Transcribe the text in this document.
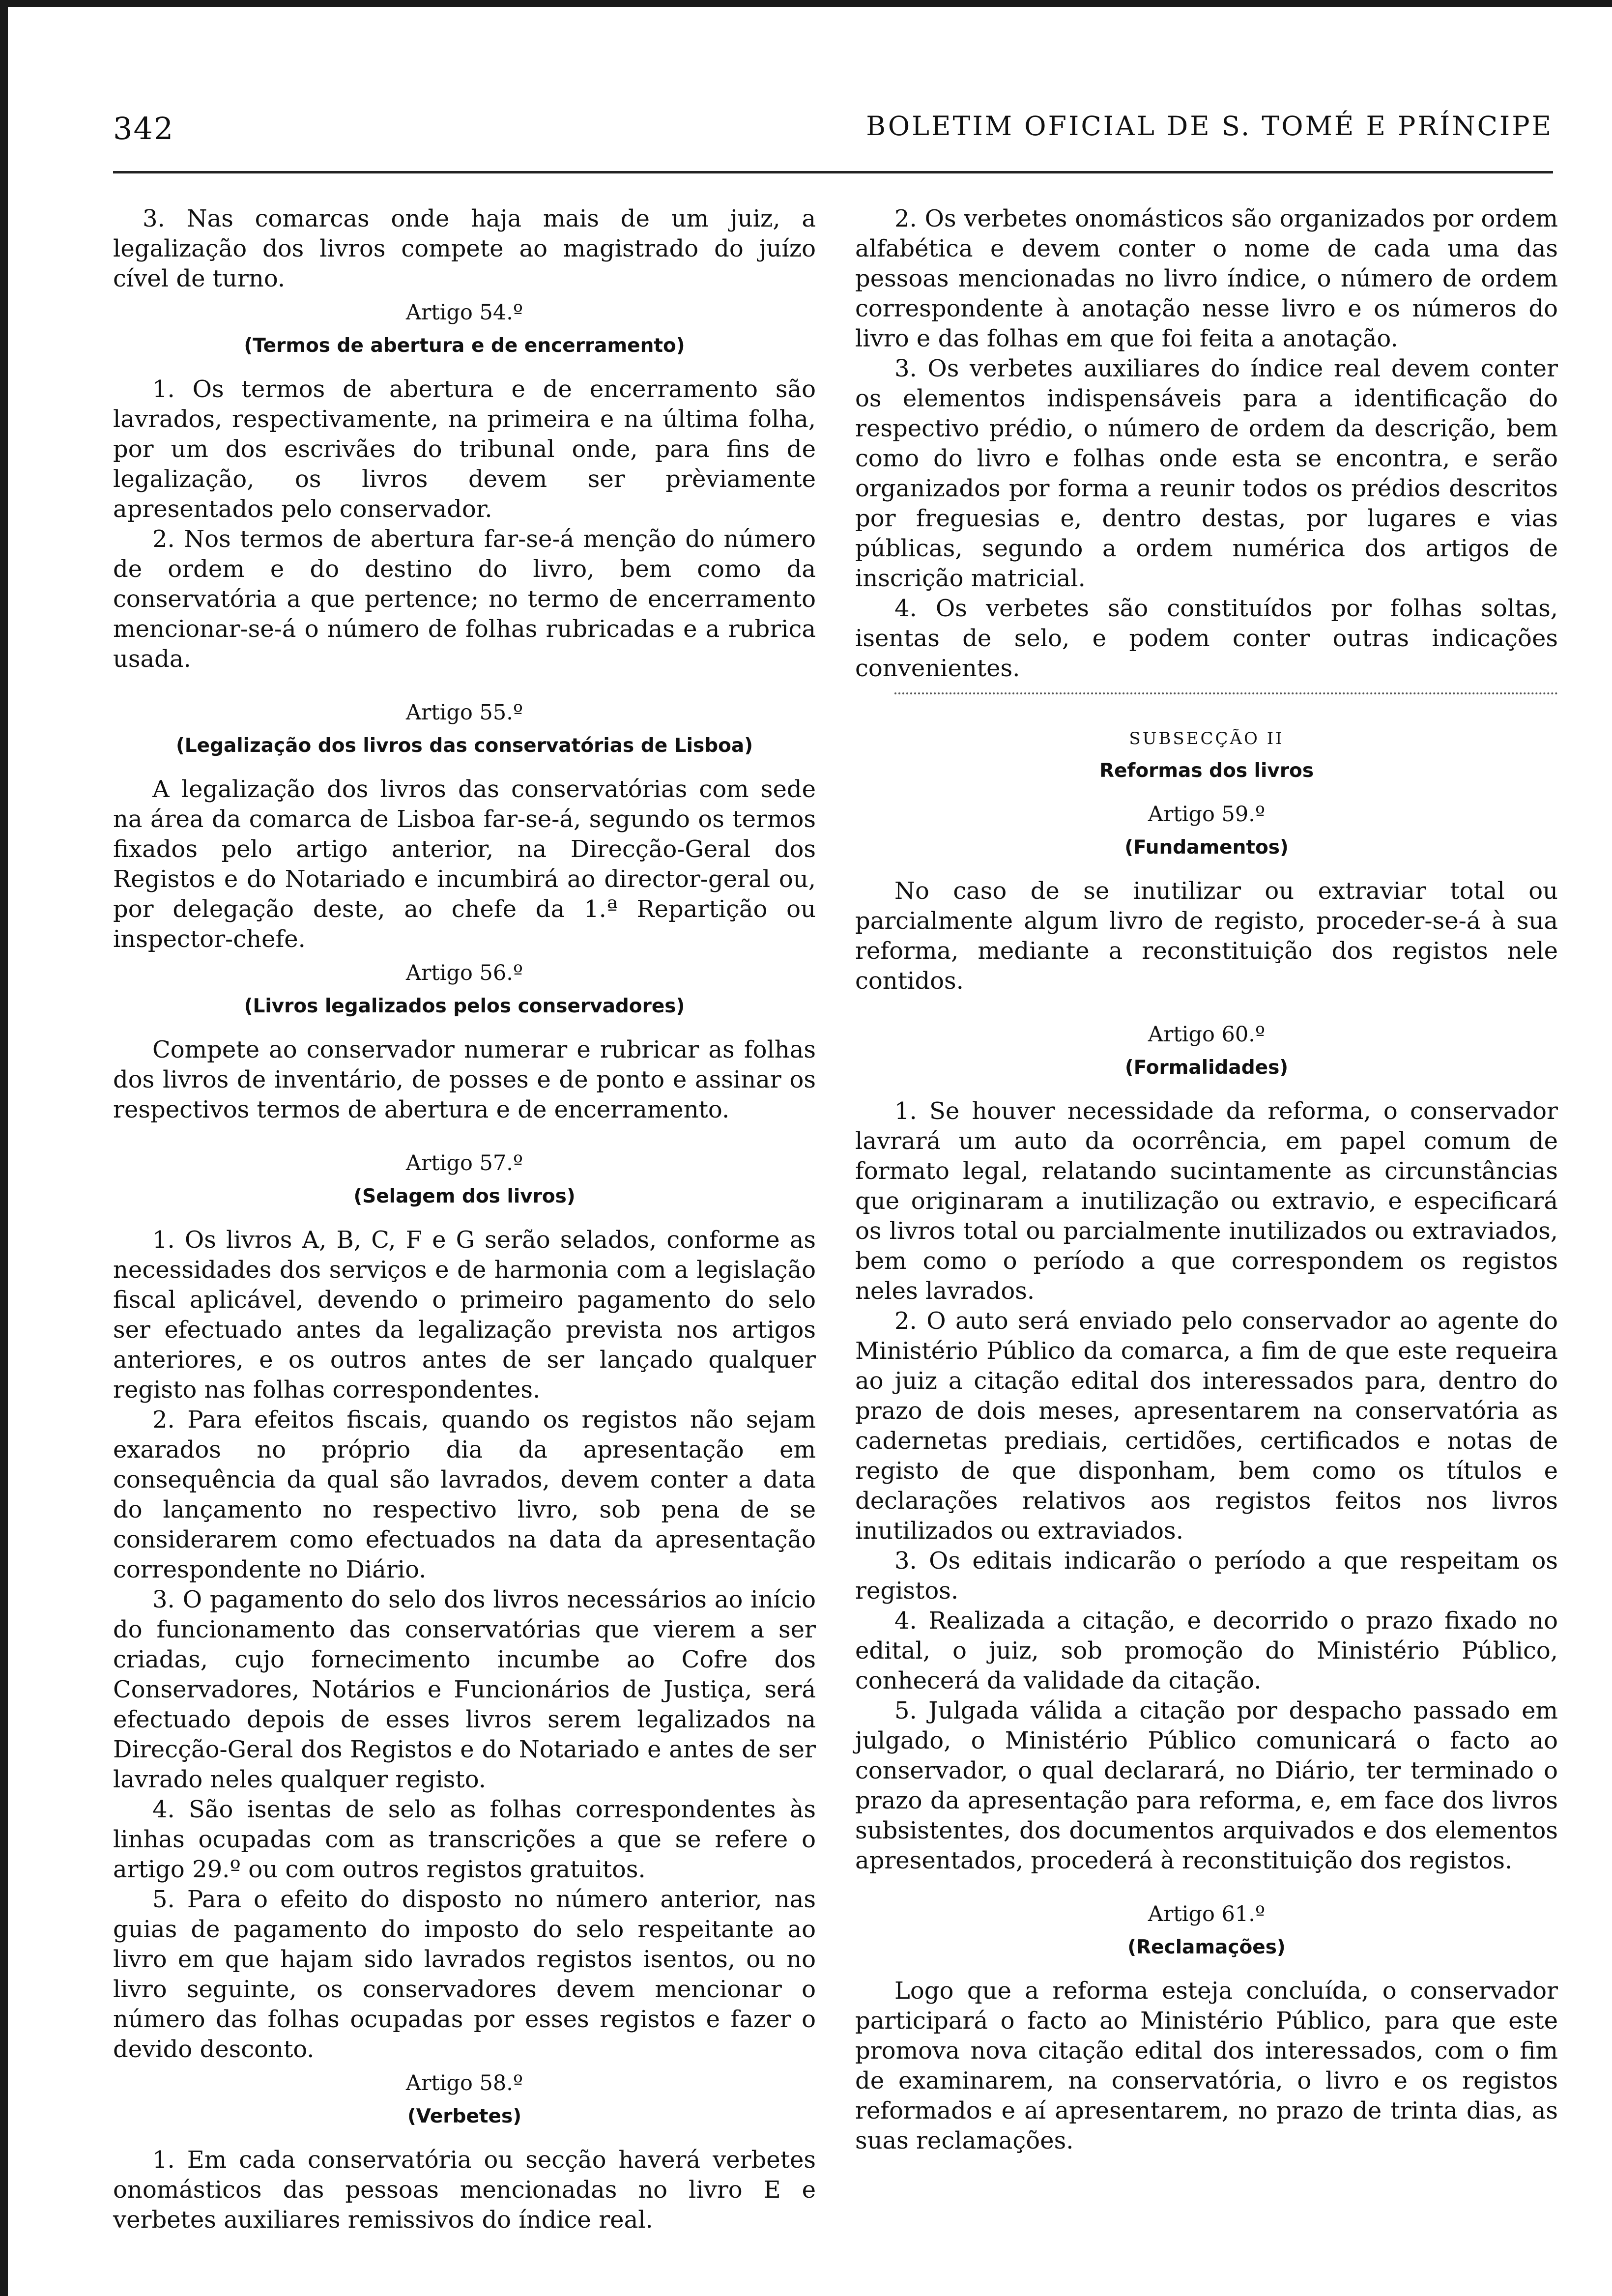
342	BOLETIM OFICIAL DE S. TOMÉ E PRÍNCIPE

3. Nas comarcas onde haja mais de um juiz, a legalização dos livros compete ao magistrado do juízo cível de turno.

Artigo 54.º
(Termos de abertura e de encerramento)

1. Os termos de abertura e de encerramento são lavrados, respectivamente, na primeira e na última folha, por um dos escrivães do tribunal onde, para fins de legalização, os livros devem ser prèviamente apresentados pelo conservador.

2. Nos termos de abertura far-se-á menção do número de ordem e do destino do livro, bem como da conservatória a que pertence; no termo de encerramento mencionar-se-á o número de folhas rubricadas e a rubrica usada.

Artigo 55.º
(Legalização dos livros das conservatórias de Lisboa)

A legalização dos livros das conservatórias com sede na área da comarca de Lisboa far-se-á, segundo os termos fixados pelo artigo anterior, na Direcção-Geral dos Registos e do Notariado e incumbirá ao director-geral ou, por delegação deste, ao chefe da 1.ª Repartição ou inspector-chefe.

Artigo 56.º
(Livros legalizados pelos conservadores)

Compete ao conservador numerar e rubricar as folhas dos livros de inventário, de posses e de ponto e assinar os respectivos termos de abertura e de encerramento.

Artigo 57.º
(Selagem dos livros)

1. Os livros A, B, C, F e G serão selados, conforme as necessidades dos serviços e de harmonia com a legislação fiscal aplicável, devendo o primeiro pagamento do selo ser efectuado antes da legalização prevista nos artigos anteriores, e os outros antes de ser lançado qualquer registo nas folhas correspondentes.

2. Para efeitos fiscais, quando os registos não sejam exarados no próprio dia da apresentação em consequência da qual são lavrados, devem conter a data do lançamento no respectivo livro, sob pena de se considerarem como efectuados na data da apresentação correspondente no Diário.

3. O pagamento do selo dos livros necessários ao início do funcionamento das conservatórias que vierem a ser criadas, cujo fornecimento incumbe ao Cofre dos Conservadores, Notários e Funcionários de Justiça, será efectuado depois de esses livros serem legalizados na Direcção-Geral dos Registos e do Notariado e antes de ser lavrado neles qualquer registo.

4. São isentas de selo as folhas correspondentes às linhas ocupadas com as transcrições a que se refere o artigo 29.º ou com outros registos gratuitos.

5. Para o efeito do disposto no número anterior, nas guias de pagamento do imposto do selo respeitante ao livro em que hajam sido lavrados registos isentos, ou no livro seguinte, os conservadores devem mencionar o número das folhas ocupadas por esses registos e fazer o devido desconto.

Artigo 58.º
(Verbetes)

1. Em cada conservatória ou secção haverá verbetes onomásticos das pessoas mencionadas no livro E e verbetes auxiliares remissivos do índice real.

2. Os verbetes onomásticos são organizados por ordem alfabética e devem conter o nome de cada uma das pessoas mencionadas no livro índice, o número de ordem correspondente à anotação nesse livro e os números do livro e das folhas em que foi feita a anotação.

3. Os verbetes auxiliares do índice real devem conter os elementos indispensáveis para a identificação do respectivo prédio, o número de ordem da descrição, bem como do livro e folhas onde esta se encontra, e serão organizados por forma a reunir todos os prédios descritos por freguesias e, dentro destas, por lugares e vias públicas, segundo a ordem numérica dos artigos de inscrição matricial.

4. Os verbetes são constituídos por folhas soltas, isentas de selo, e podem conter outras indicações convenientes.

SUBSECÇÃO II
Reformas dos livros
Artigo 59.º
(Fundamentos)

No caso de se inutilizar ou extraviar total ou parcialmente algum livro de registo, proceder-se-á à sua reforma, mediante a reconstituição dos registos nele contidos.

Artigo 60.º
(Formalidades)

1. Se houver necessidade da reforma, o conservador lavrará um auto da ocorrência, em papel comum de formato legal, relatando sucintamente as circunstâncias que originaram a inutilização ou extravio, e especificará os livros total ou parcialmente inutilizados ou extraviados, bem como o período a que correspondem os registos neles lavrados.

2. O auto será enviado pelo conservador ao agente do Ministério Público da comarca, a fim de que este requeira ao juiz a citação edital dos interessados para, dentro do prazo de dois meses, apresentarem na conservatória as cadernetas prediais, certidões, certificados e notas de registo de que disponham, bem como os títulos e declarações relativos aos registos feitos nos livros inutilizados ou extraviados.

3. Os editais indicarão o período a que respeitam os registos.

4. Realizada a citação, e decorrido o prazo fixado no edital, o juiz, sob promoção do Ministério Público, conhecerá da validade da citação.

5. Julgada válida a citação por despacho passado em julgado, o Ministério Público comunicará o facto ao conservador, o qual declarará, no Diário, ter terminado o prazo da apresentação para reforma, e, em face dos livros subsistentes, dos documentos arquivados e dos elementos apresentados, procederá à reconstituição dos registos.

Artigo 61.º
(Reclamações)

Logo que a reforma esteja concluída, o conservador participará o facto ao Ministério Público, para que este promova nova citação edital dos interessados, com o fim de examinarem, na conservatória, o livro e os registos reformados e aí apresentarem, no prazo de trinta dias, as suas reclamações.
